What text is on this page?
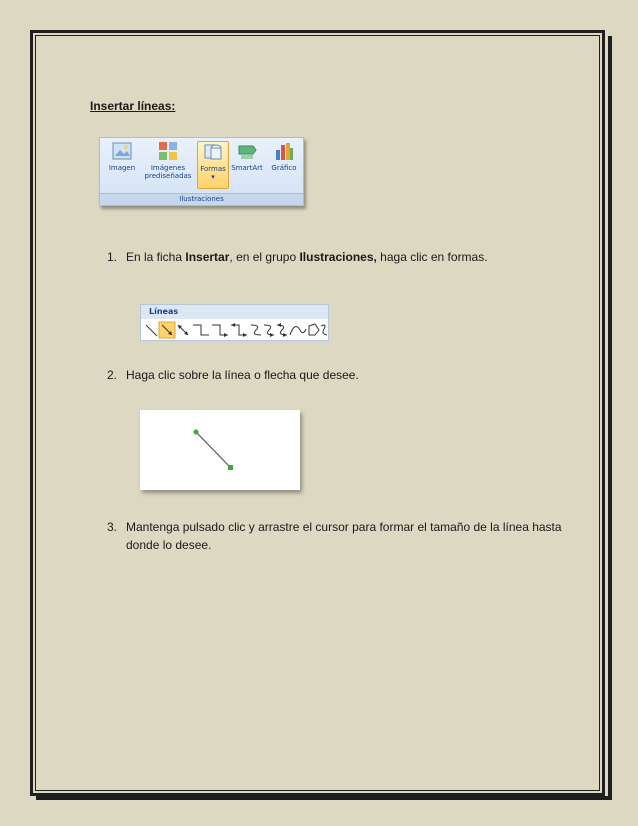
Insertar líneas:
Imagen	Imágenes
prediseñadas
Formas
▾
SmartArt	Gráfico
Ilustraciones
1. En la ficha Insertar, en el grupo Ilustraciones, haga clic en formas.
Líneas
2. Haga clic sobre la línea o flecha que desee.
3. Mantenga pulsado clic y arrastre el cursor para formar el tamaño de la línea hasta donde lo desee.
